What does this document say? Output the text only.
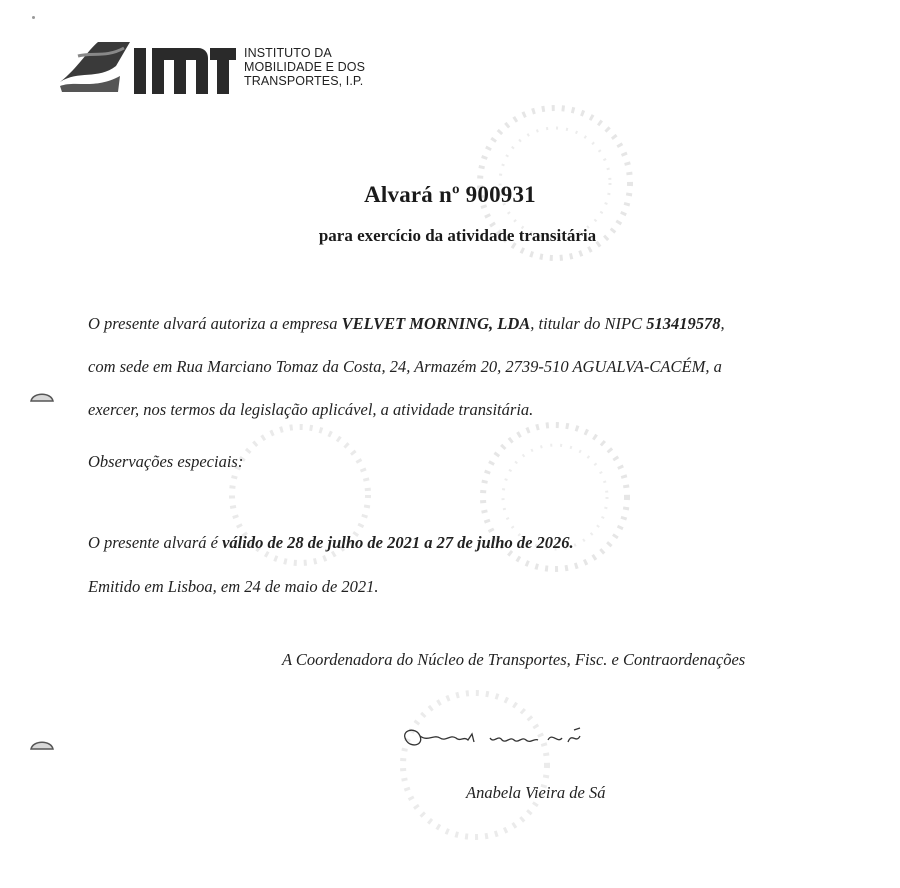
INSTITUTO DA
MOBILIDADE E DOS
TRANSPORTES, I.P.
Alvará nº 900931
para exercício da atividade transitária
O presente alvará autoriza a empresa VELVET MORNING, LDA, titular do NIPC 513419578,
com sede em Rua Marciano Tomaz da Costa, 24, Armazém 20, 2739-510 AGUALVA-CACÉM, a
exercer, nos termos da legislação aplicável, a atividade transitária.
Observações especiais:
O presente alvará é válido de 28 de julho de 2021 a 27 de julho de 2026.
Emitido em Lisboa, em 24 de maio de 2021.
A Coordenadora do Núcleo de Transportes, Fisc. e Contraordenações
Anabela Vieira de Sá
